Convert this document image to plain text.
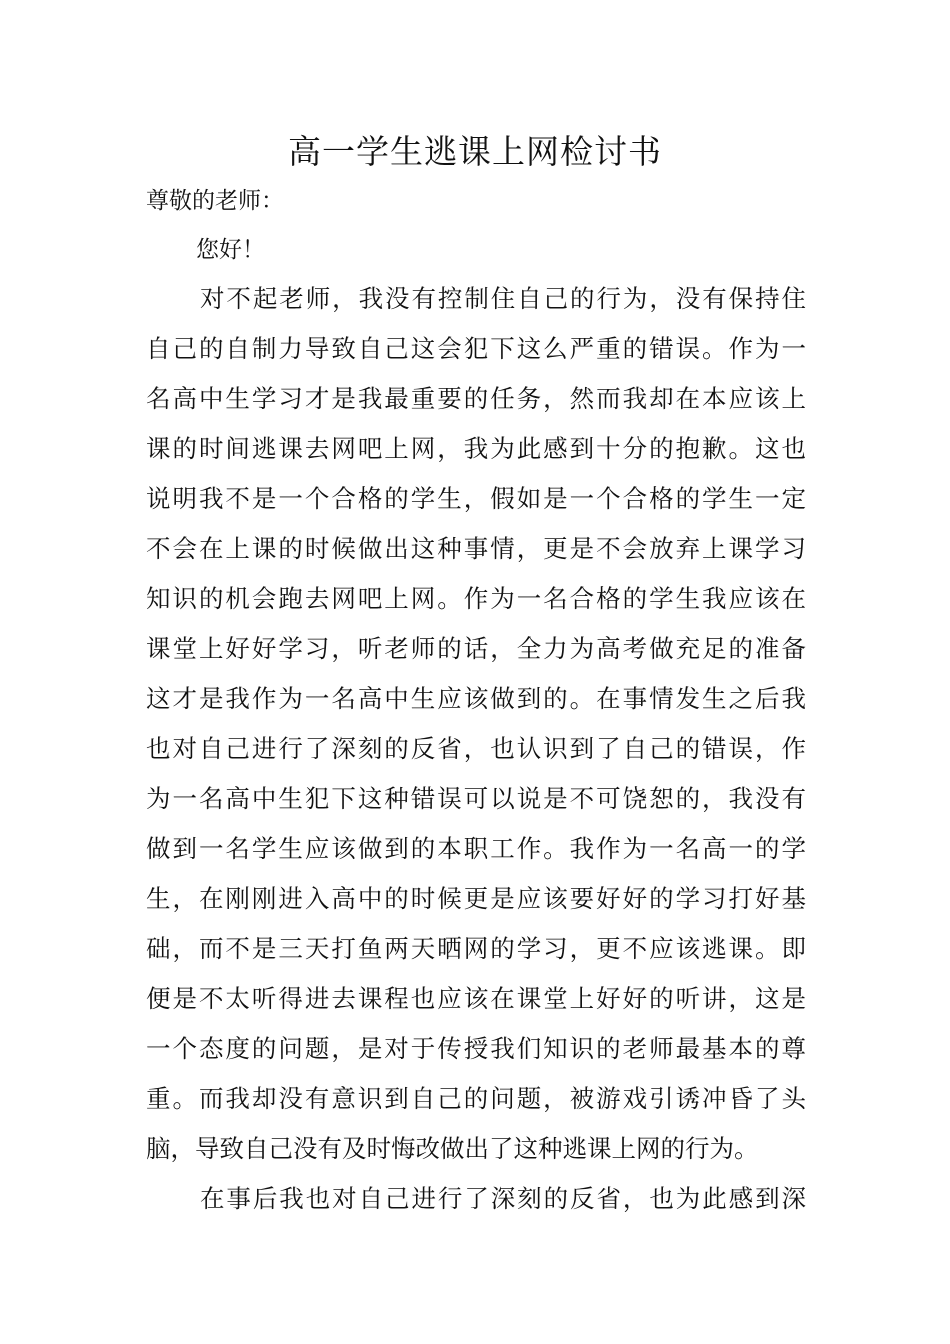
高一学生逃课上网检讨书
尊敬的老师：
您好！
对不起老师，我没有控制住自己的行为，没有保持住
自己的自制力导致自己这会犯下这么严重的错误。作为一
名高中生学习才是我最重要的任务，然而我却在本应该上
课的时间逃课去网吧上网，我为此感到十分的抱歉。这也
说明我不是一个合格的学生，假如是一个合格的学生一定
不会在上课的时候做出这种事情，更是不会放弃上课学习
知识的机会跑去网吧上网。作为一名合格的学生我应该在
课堂上好好学习，听老师的话，全力为高考做充足的准备
这才是我作为一名高中生应该做到的。在事情发生之后我
也对自己进行了深刻的反省，也认识到了自己的错误，作
为一名高中生犯下这种错误可以说是不可饶恕的，我没有
做到一名学生应该做到的本职工作。我作为一名高一的学
生，在刚刚进入高中的时候更是应该要好好的学习打好基
础，而不是三天打鱼两天晒网的学习，更不应该逃课。即
便是不太听得进去课程也应该在课堂上好好的听讲，这是
一个态度的问题，是对于传授我们知识的老师最基本的尊
重。而我却没有意识到自己的问题，被游戏引诱冲昏了头
脑，导致自己没有及时悔改做出了这种逃课上网的行为。
在事后我也对自己进行了深刻的反省，也为此感到深
